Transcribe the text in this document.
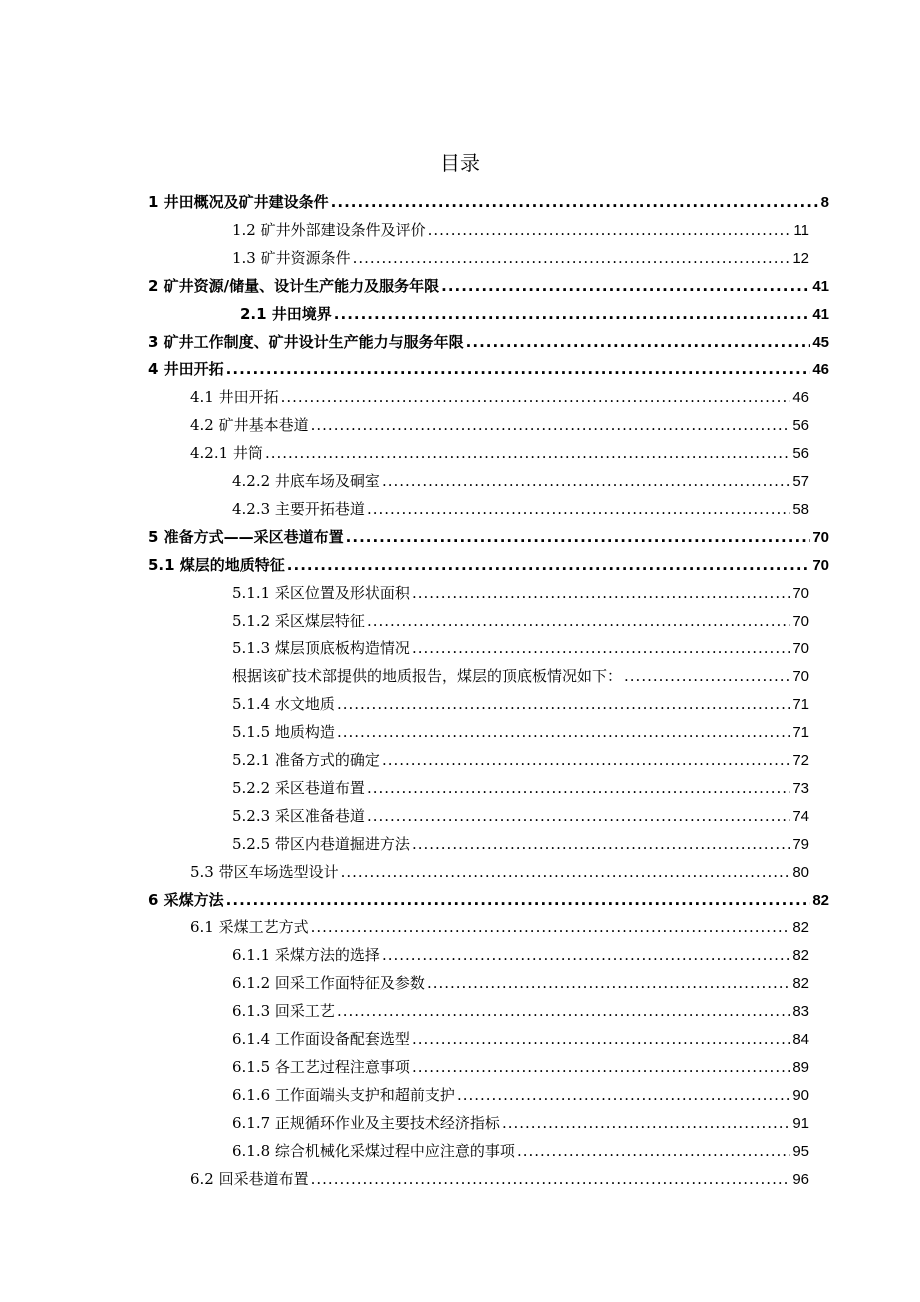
目录
1 井田概况及矿井建设条件 .....	8
1.2 矿井外部建设条件及评价 .....	11
1.3 矿井资源条件 .....	12
2 矿井资源/储量、设计生产能力及服务年限 .....	41
2.1 井田境界 .....	41
3 矿井工作制度、矿井设计生产能力与服务年限 .....	45
4 井田开拓 .....	46
4.1 井田开拓 .....	46
4.2 矿井基本巷道 .....	56
4.2.1 井筒 .....	56
4.2.2 井底车场及硐室 .....	57
4.2.3 主要开拓巷道 .....	58
5 准备方式——采区巷道布置 .....	70
5.1 煤层的地质特征 .....	70
5.1.1 采区位置及形状面积 .....	70
5.1.2 采区煤层特征 .....	70
5.1.3 煤层顶底板构造情况 .....	70
根据该矿技术部提供的地质报告，煤层的顶底板情况如下： .....	70
5.1.4 水文地质 .....	71
5.1.5 地质构造 .....	71
5.2.1 准备方式的确定 .....	72
5.2.2 采区巷道布置 .....	73
5.2.3 采区准备巷道 .....	74
5.2.5 带区内巷道掘进方法 .....	79
5.3 带区车场选型设计 .....	80
6 采煤方法 .....	82
6.1 采煤工艺方式 .....	82
6.1.1 采煤方法的选择 .....	82
6.1.2 回采工作面特征及参数 .....	82
6.1.3 回采工艺 .....	83
6.1.4 工作面设备配套选型 .....	84
6.1.5 各工艺过程注意事项 .....	89
6.1.6 工作面端头支护和超前支护 .....	90
6.1.7 正规循环作业及主要技术经济指标 .....	91
6.1.8 综合机械化采煤过程中应注意的事项 .....	95
6.2 回采巷道布置 .....	96
